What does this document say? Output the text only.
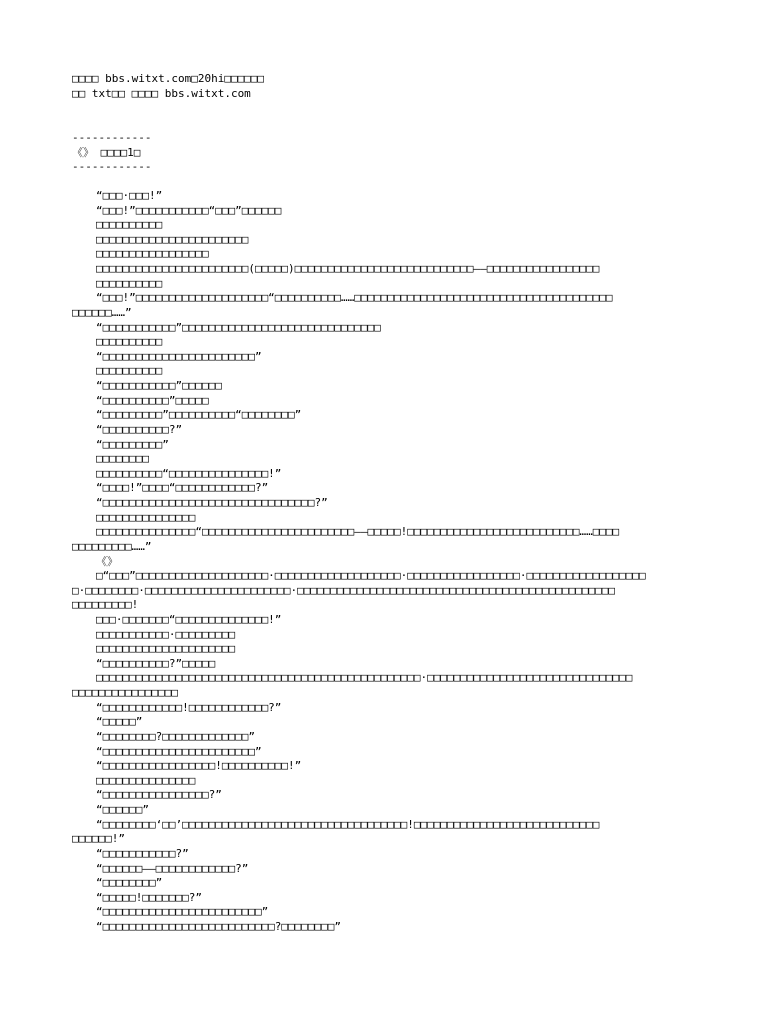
□□□□ bbs.witxt.com□20hi□□□□□□
□□ txt□□ □□□□ bbs.witxt.com
------------
《》 □□□□1□
------------
“□□□·□□□!”
“□□□!”□□□□□□□□□□□“□□□”□□□□□□
□□□□□□□□□□
□□□□□□□□□□□□□□□□□□□□□□□
□□□□□□□□□□□□□□□□□
□□□□□□□□□□□□□□□□□□□□□□□(□□□□□)□□□□□□□□□□□□□□□□□□□□□□□□□□□——□□□□□□□□□□□□□□□□□
□□□□□□□□□□
“□□□!”□□□□□□□□□□□□□□□□□□□□“□□□□□□□□□□……□□□□□□□□□□□□□□□□□□□□□□□□□□□□□□□□□□□□□□□
□□□□□□……”
“□□□□□□□□□□□”□□□□□□□□□□□□□□□□□□□□□□□□□□□□□□
□□□□□□□□□□
“□□□□□□□□□□□□□□□□□□□□□□□”
□□□□□□□□□□
“□□□□□□□□□□□”□□□□□□
“□□□□□□□□□□”□□□□□
“□□□□□□□□□”□□□□□□□□□□“□□□□□□□□”
“□□□□□□□□□□?”
“□□□□□□□□□”
□□□□□□□□
□□□□□□□□□□“□□□□□□□□□□□□□□□!”
“□□□□!”□□□□“□□□□□□□□□□□□?”
“□□□□□□□□□□□□□□□□□□□□□□□□□□□□□□□□?”
□□□□□□□□□□□□□□□
□□□□□□□□□□□□□□□“□□□□□□□□□□□□□□□□□□□□□□□——□□□□□!□□□□□□□□□□□□□□□□□□□□□□□□□□……□□□□
□□□□□□□□□……”
《》
□“□□□”□□□□□□□□□□□□□□□□□□□□·□□□□□□□□□□□□□□□□□□□·□□□□□□□□□□□□□□□□□·□□□□□□□□□□□□□□□□□□
□·□□□□□□□□·□□□□□□□□□□□□□□□□□□□□□□·□□□□□□□□□□□□□□□□□□□□□□□□□□□□□□□□□□□□□□□□□□□□□□□□
□□□□□□□□□!
□□□·□□□□□□□“□□□□□□□□□□□□□□!”
□□□□□□□□□□□·□□□□□□□□□
□□□□□□□□□□□□□□□□□□□□□
“□□□□□□□□□□?”□□□□□
□□□□□□□□□□□□□□□□□□□□□□□□□□□□□□□□□□□□□□□□□□□□□□□□□·□□□□□□□□□□□□□□□□□□□□□□□□□□□□□□□
□□□□□□□□□□□□□□□□
“□□□□□□□□□□□□!□□□□□□□□□□□□?”
“□□□□□”
“□□□□□□□□?□□□□□□□□□□□□□”
“□□□□□□□□□□□□□□□□□□□□□□□”
“□□□□□□□□□□□□□□□□□!□□□□□□□□□□!”
□□□□□□□□□□□□□□□
“□□□□□□□□□□□□□□□□?”
“□□□□□□”
“□□□□□□□□‘□□’□□□□□□□□□□□□□□□□□□□□□□□□□□□□□□□□□□!□□□□□□□□□□□□□□□□□□□□□□□□□□□□
□□□□□□!”
“□□□□□□□□□□□?”
“□□□□□□——□□□□□□□□□□□□?”
“□□□□□□□□”
“□□□□□!□□□□□□□?”
“□□□□□□□□□□□□□□□□□□□□□□□□”
“□□□□□□□□□□□□□□□□□□□□□□□□□□?□□□□□□□□”
